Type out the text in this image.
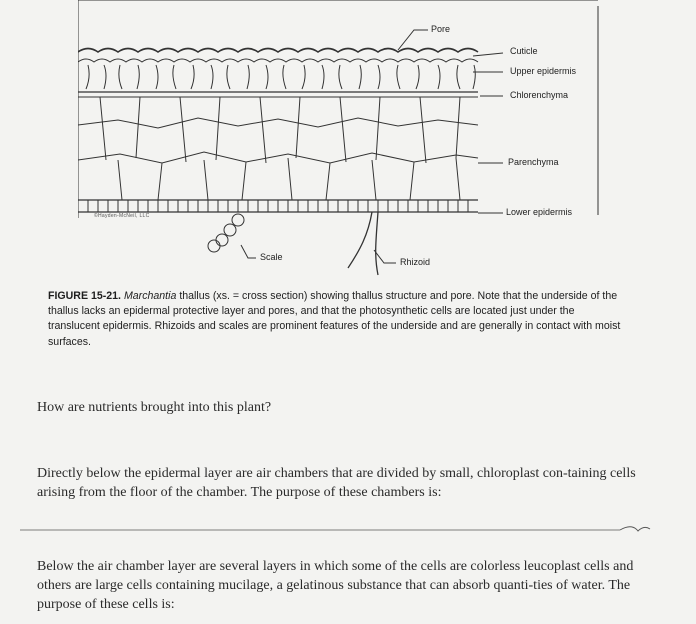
Pore
Cuticle
Upper epidermis
Chlorenchyma
Parenchyma
Lower epidermis
Scale	Rhizoid
©Hayden-McNeil, LLC
FIGURE 15-21. Marchantia thallus (xs. = cross section) showing thallus structure and pore. Note that the underside of the thallus lacks an epidermal protective layer and pores, and that the photosynthetic cells are located just under the translucent epidermis. Rhizoids and scales are prominent features of the underside and are generally in contact with moist surfaces.
How are nutrients brought into this plant?
Directly below the epidermal layer are air chambers that are divided by small, chloroplast con-taining cells arising from the floor of the chamber. The purpose of these chambers is:
Below the air chamber layer are several layers in which some of the cells are colorless leucoplast cells and others are large cells containing mucilage, a gelatinous substance that can absorb quanti-ties of water. The purpose of these cells is:
